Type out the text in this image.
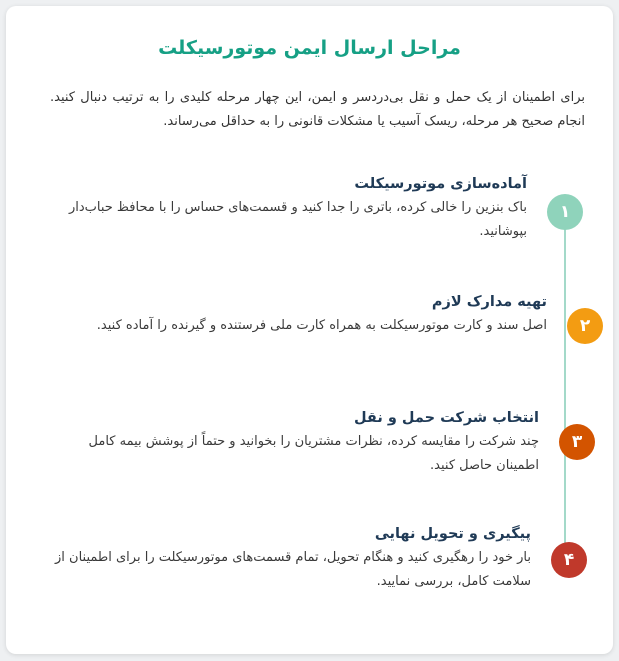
مراحل ارسال ایمن موتورسیکلت

برای اطمینان از یک حمل و نقل بی‌دردسر و ایمن، این چهار مرحله کلیدی را به ترتیب دنبال کنید. انجام صحیح هر مرحله، ریسک آسیب یا مشکلات قانونی را به حداقل می‌رساند.

۱
آماده‌سازی موتورسیکلت

باک بنزین را خالی کرده، باتری را جدا کنید و قسمت‌های حساس را با محافظ حباب‌دار بپوشانید.

۲
تهیه مدارک لازم

اصل سند و کارت موتورسیکلت به همراه کارت ملی فرستنده و گیرنده را آماده کنید.

۳
انتخاب شرکت حمل و نقل

چند شرکت را مقایسه کرده، نظرات مشتریان را بخوانید و حتماً از پوشش بیمه کامل اطمینان حاصل کنید.

۴
پیگیری و تحویل نهایی

بار خود را رهگیری کنید و هنگام تحویل، تمام قسمت‌های موتورسیکلت را برای اطمینان از سلامت کامل، بررسی نمایید.
